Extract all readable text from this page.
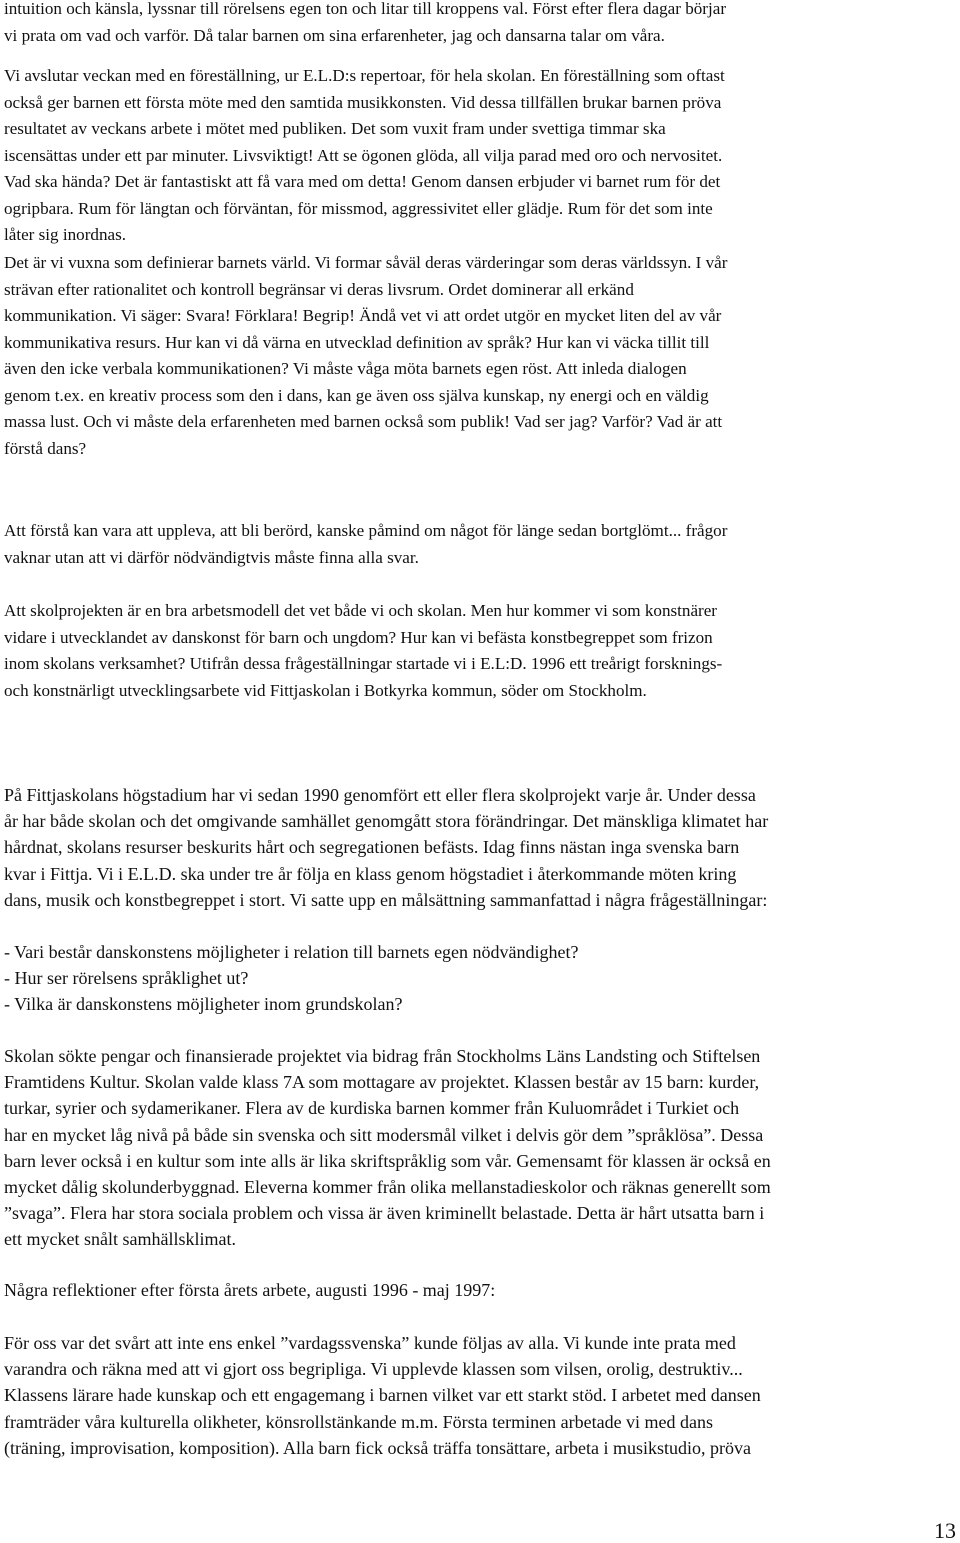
intuition och känsla, lyssnar till rörelsens egen ton och litar till kroppens val. Först efter flera dagar börjar

vi prata om vad och varför. Då talar barnen om sina erfarenheter, jag och dansarna talar om våra.

Vi avslutar veckan med en föreställning, ur E.L.D:s repertoar, för hela skolan. En föreställning som oftast

också ger barnen ett första möte med den samtida musikkonsten. Vid dessa tillfällen brukar barnen pröva

resultatet av veckans arbete i mötet med publiken. Det som vuxit fram under svettiga timmar ska

iscensättas under ett par minuter. Livsviktigt! Att se ögonen glöda, all vilja parad med oro och nervositet.

Vad ska hända? Det är fantastiskt att få vara med om detta! Genom dansen erbjuder vi barnet rum för det

ogripbara. Rum för längtan och förväntan, för missmod, aggressivitet eller glädje. Rum för det som inte

låter sig inordnas.

Det är vi vuxna som definierar barnets värld. Vi formar såväl deras värderingar som deras världssyn. I vår

strävan efter rationalitet och kontroll begränsar vi deras livsrum. Ordet dominerar all erkänd

kommunikation. Vi säger: Svara! Förklara! Begrip! Ändå vet vi att ordet utgör en mycket liten del av vår

kommunikativa resurs. Hur kan vi då värna en utvecklad definition av språk? Hur kan vi väcka tillit till

även den icke verbala kommunikationen? Vi måste våga möta barnets egen röst. Att inleda dialogen

genom t.ex. en kreativ process som den i dans, kan ge även oss själva kunskap, ny energi och en väldig

massa lust. Och vi måste dela erfarenheten med barnen också som publik! Vad ser jag? Varför? Vad är att

förstå dans?

Att förstå kan vara att uppleva, att bli berörd, kanske påmind om något för länge sedan bortglömt... frågor

vaknar utan att vi därför nödvändigtvis måste finna alla svar.

Att skolprojekten är en bra arbetsmodell det vet både vi och skolan. Men hur kommer vi som konstnärer

vidare i utvecklandet av danskonst för barn och ungdom? Hur kan vi befästa konstbegreppet som frizon

inom skolans verksamhet? Utifrån dessa frågeställningar startade vi i E.L:D. 1996 ett treårigt forsknings-

och konstnärligt utvecklingsarbete vid Fittjaskolan i Botkyrka kommun, söder om Stockholm.

På Fittjaskolans högstadium har vi sedan 1990 genomfört ett eller flera skolprojekt varje år. Under dessa

år har både skolan och det omgivande samhället genomgått stora förändringar. Det mänskliga klimatet har

hårdnat, skolans resurser beskurits hårt och segregationen befästs. Idag finns nästan inga svenska barn

kvar i Fittja. Vi i E.L.D. ska under tre år följa en klass genom högstadiet i återkommande möten kring

dans, musik och konstbegreppet i stort. Vi satte upp en målsättning sammanfattad i några frågeställningar:

- Vari består danskonstens möjligheter i relation till barnets egen nödvändighet?

- Hur ser rörelsens språklighet ut?

- Vilka är danskonstens möjligheter inom grundskolan?

Skolan sökte pengar och finansierade projektet via bidrag från Stockholms Läns Landsting och Stiftelsen

Framtidens Kultur. Skolan valde klass 7A som mottagare av projektet. Klassen består av 15 barn: kurder,

turkar, syrier och sydamerikaner. Flera av de kurdiska barnen kommer från Kuluområdet i Turkiet och

har en mycket låg nivå på både sin svenska och sitt modersmål vilket i delvis gör dem ”språklösa”. Dessa

barn lever också i en kultur som inte alls är lika skriftspråklig som vår. Gemensamt för klassen är också en

mycket dålig skolunderbyggnad. Eleverna kommer från olika mellanstadieskolor och räknas generellt som

”svaga”. Flera har stora sociala problem och vissa är även kriminellt belastade. Detta är hårt utsatta barn i

ett mycket snålt samhällsklimat.

Några reflektioner efter första årets arbete, augusti 1996 - maj 1997:

För oss var det svårt att inte ens enkel ”vardagssvenska” kunde följas av alla. Vi kunde inte prata med

varandra och räkna med att vi gjort oss begripliga. Vi upplevde klassen som vilsen, orolig, destruktiv...

Klassens lärare hade kunskap och ett engagemang i barnen vilket var ett starkt stöd. I arbetet med dansen

framträder våra kulturella olikheter, könsrollstänkande m.m. Första terminen arbetade vi med dans

(träning, improvisation, komposition). Alla barn fick också träffa tonsättare, arbeta i musikstudio, pröva

13
